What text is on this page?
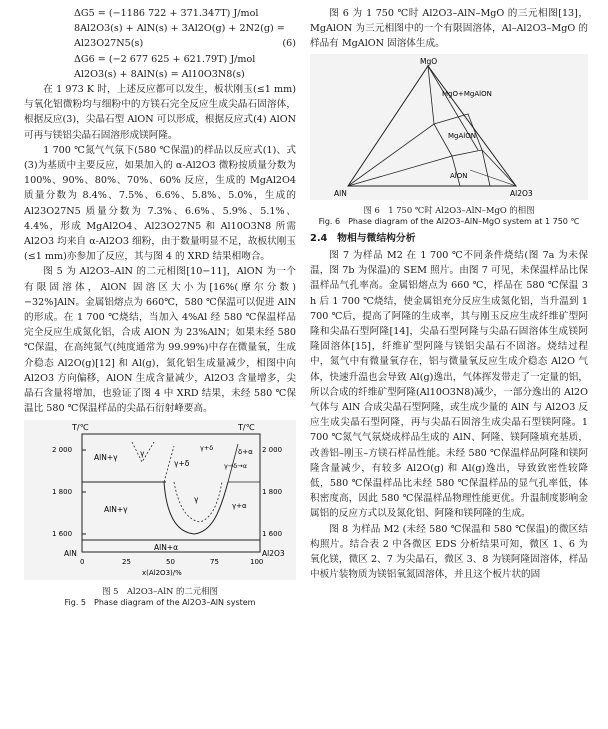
ΔG5 = (−1186 722 + 371.347T) J/mol
8Al2O3(s) + AlN(s) + 3Al2O(g) + 2N2(g) =
Al23O27N5(s)	(6)
ΔG6 = (−2 677 625 + 621.79T) J/mol
Al2O3(s) + 8AlN(s) = Al10O3N8(s)

在 1 973 K 时，上述反应都可以发生，板状刚玉(≤1 mm)与氧化铝微粉均与细粉中的方镁石完全反应生成尖晶石固溶体，根据反应(3)，尖晶石型 AlON 可以形成，根据反应式(4) AlON 可再与镁铝尖晶石固溶形成镁阿隆。

1 700 ℃氮气气氛下(580 ℃保温)的样品以反应式(1)、式(3)为基质中主要反应，如果加入的 α-Al2O3 微粉按质量分数为 100%、90%、80%、70%、60% 反应，生成的 MgAl2O4 质量分数为 8.4%、7.5%、6.6%、5.8%、5.0%，生成的 Al23O27N5 质量分数为 7.3%、6.6%、5.9%、5.1%、4.4%，形成 MgAl2O4、Al23O27N5 和 Al10O3N8 所需 Al2O3 均来自 α-Al2O3 细粉，由于数量明显不足，故板状刚玉(≤1 mm)亦参加了反应，其与图 4 的 XRD 结果相吻合。

图 5 为 Al2O3–AlN 的二元相图[10−11]，AlON 为一个有限固溶体，AlON 固溶区大小为[16%(摩尔分数)−32%]AlN。金属铝熔点为 660℃，580 ℃保温可以促进 AlN 的形成。在 1 700 ℃烧结，当加入 4%Al 经 580 ℃保温样品完全反应生成氮化铝，合成 AlON 为 23%AlN；如果未经 580 ℃保温，在高纯氮气(纯度通常为 99.99%)中存在微量氧，生成介稳态 Al2O(g)[12] 和 Al(g)，氮化铝生成量减少，相图中向 Al2O3 方向偏移，AlON 生成含量减少，Al2O3 含量增多，尖晶石含量将增加，也验证了图 4 中 XRD 结果，未经 580 ℃保温比 580 ℃保温样品的尖晶石衍射峰要高。

T/℃	T/℃
2 000
1 800
1 600
2 000
1 800
1 600
AlN+γ	γ
γ+δ
AlN+γ
γ
γ+α
AlN+α
δ+α
γ→δ→α
γ+δ
AlN	Al2O3
0	25	50	75	100
x(Al2O3)/%
图 5　Al2O3–AlN 的二元相图
Fig. 5　Phase diagram of the Al2O3–AlN system

图 6 为 1 750 ℃时 Al2O3–AlN–MgO 的三元相图[13]，MgAlON 为三元相图中的一个有限固溶体，Al–Al2O3–MgO 的样品有 MgAlON 固溶体生成。

MgO
MgO+MgAlON
MgAlON
AlON
AlN	Al2O3
图 6　1 750 ℃时 Al2O3–AlN–MgO 的相图
Fig. 6　Phase diagram of the Al2O3–AlN–MgO system at 1 750 ℃
2.4　物相与微结构分析

图 7 为样品 M2 在 1 700 ℃不同条件烧结(图 7a 为未保温，图 7b 为保温)的 SEM 照片。由图 7 可见，未保温样品比保温样品气孔率高。金属铝熔点为 660 ℃，样品在 580 ℃保温 3 h 后 1 700 ℃烧结，使金属铝充分反应生成氮化铝，当升温到 1 700 ℃后，提高了阿隆的生成率，其与刚玉反应生成纤维矿型阿隆和尖晶石型阿隆[14]，尖晶石型阿隆与尖晶石固溶体生成镁阿隆固溶体[15]，纤维矿型阿隆与镁铝尖晶石不固溶。烧结过程中，氮气中有微量氧存在，铝与微量氧反应生成介稳态 Al2O 气体，快速升温也会导致 Al(g)逸出，气体挥发带走了一定量的铝，所以合成的纤维矿型阿隆(Al10O3N8)减少，一部分逸出的 Al2O 气体与 AlN 合成尖晶石型阿隆，或生成少量的 AlN 与 Al2O3 反应生成尖晶石型阿隆，再与尖晶石固溶生成尖晶石型镁阿隆。1 700 ℃氮气气氛烧成样品生成的 AlN、阿隆、镁阿隆填充基质，改善铝–刚玉–方镁石样品性能。未经 580 ℃保温样品阿隆和镁阿隆含量减少，有较多 Al2O(g) 和 Al(g)逸出，导致致密性较降低，580 ℃保温样品比未经 580 ℃保温样品的显气孔率低，体积密度高，因此 580 ℃保温样品物理性能更优。升温制度影响金属铝的反应方式以及氮化铝、阿隆和镁阿隆的生成。

图 8 为样品 M2 (未经 580 ℃保温和 580 ℃保温)的微区结构照片。结合表 2 中各微区 EDS 分析结果可知，微区 1、6 为氧化镁，微区 2、7 为尖晶石，微区 3、8 为镁阿隆固溶体，样品中板片装物质为镁铝氧氮固溶体，并且这个板片状的固
